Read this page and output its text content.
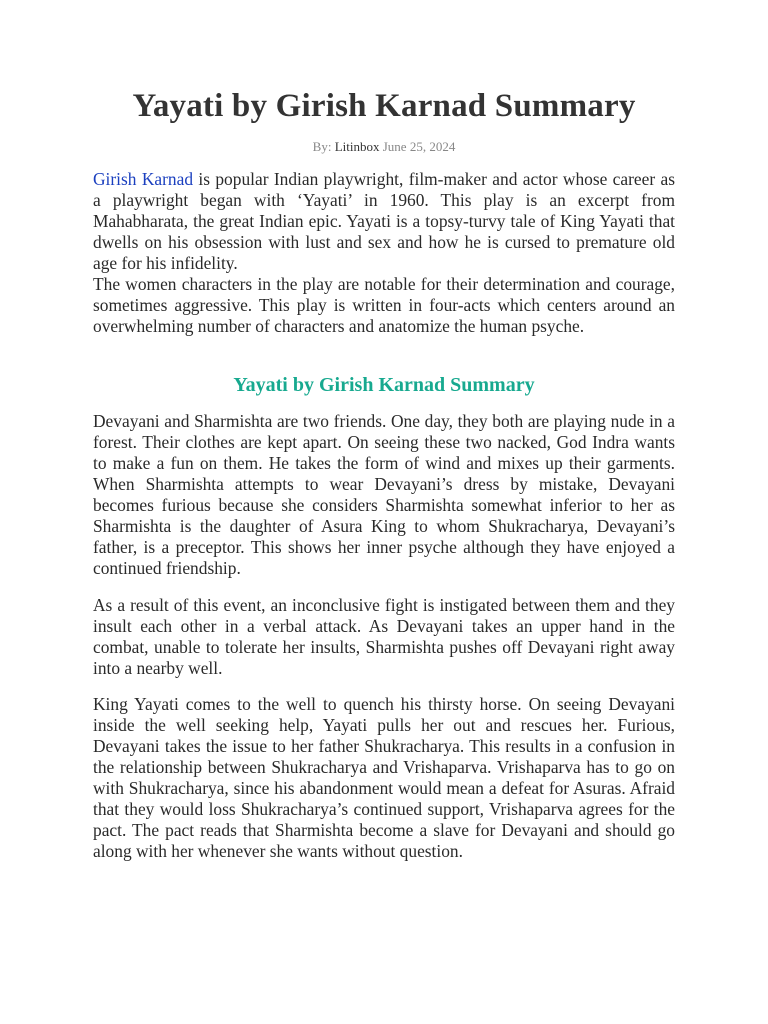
Yayati by Girish Karnad Summary
By: Litinbox June 25, 2024

Girish Karnad is popular Indian playwright, film-maker and actor whose career as a playwright began with ‘Yayati’ in 1960. This play is an excerpt from Mahabharata, the great Indian epic. Yayati is a topsy-turvy tale of King Yayati that dwells on his obsession with lust and sex and how he is cursed to premature old age for his infidelity.

The women characters in the play are notable for their determination and courage, sometimes aggressive. This play is written in four-acts which centers around an overwhelming number of characters and anatomize the human psyche.

Yayati by Girish Karnad Summary

Devayani and Sharmishta are two friends. One day, they both are playing nude in a forest. Their clothes are kept apart. On seeing these two nacked, God Indra wants to make a fun on them. He takes the form of wind and mixes up their garments. When Sharmishta attempts to wear Devayani’s dress by mistake, Devayani becomes furious because she considers Sharmishta somewhat inferior to her as Sharmishta is the daughter of Asura King to whom Shukracharya, Devayani’s father, is a preceptor. This shows her inner psyche although they have enjoyed a continued friendship.

As a result of this event, an inconclusive fight is instigated between them and they insult each other in a verbal attack. As Devayani takes an upper hand in the combat, unable to tolerate her insults, Sharmishta pushes off Devayani right away into a nearby well.

King Yayati comes to the well to quench his thirsty horse. On seeing Devayani inside the well seeking help, Yayati pulls her out and rescues her. Furious, Devayani takes the issue to her father Shukracharya. This results in a confusion in the relationship between Shukracharya and Vrishaparva. Vrishaparva has to go on with Shukracharya, since his abandonment would mean a defeat for Asuras. Afraid that they would loss Shukracharya’s continued support, Vrishaparva agrees for the pact. The pact reads that Sharmishta become a slave for Devayani and should go along with her whenever she wants without question.
